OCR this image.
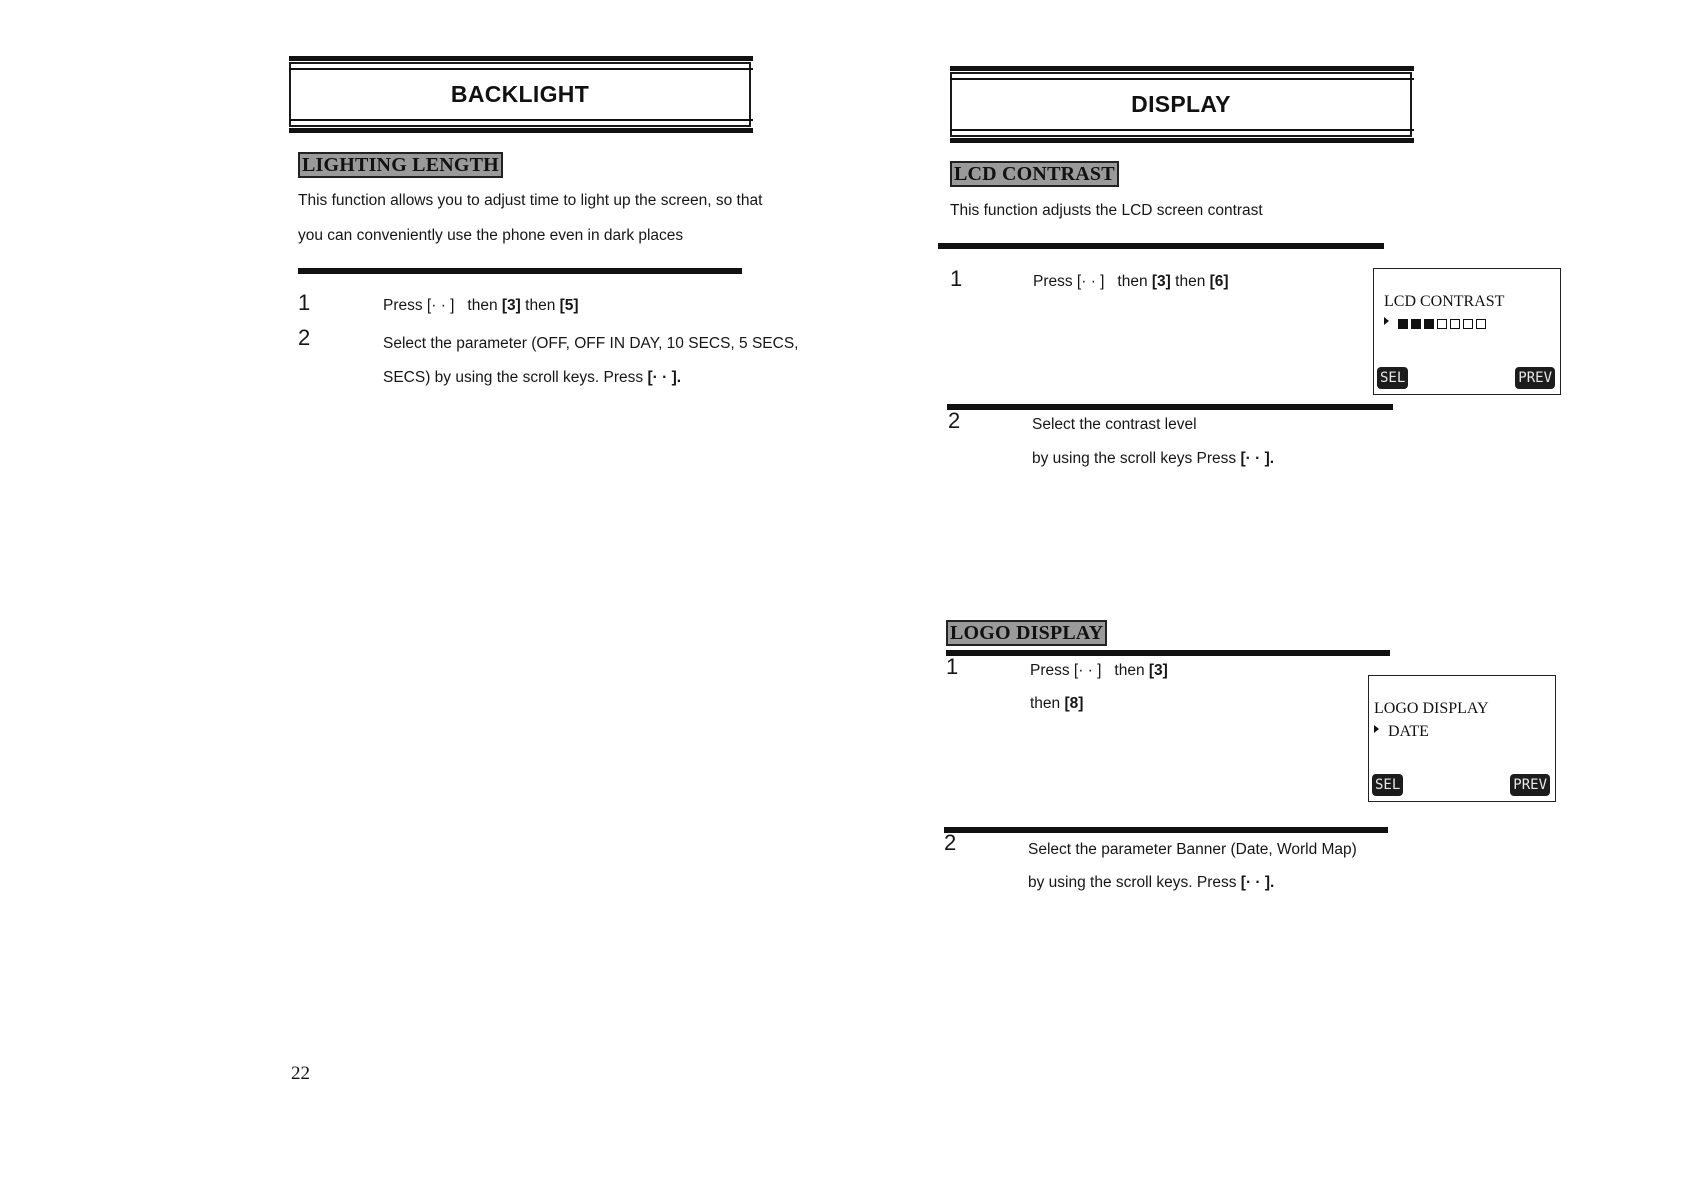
BACKLIGHT
LIGHTING LENGTH
This function allows you to adjust time to light up the screen, so that
you can conveniently use the phone even in dark places
1	Press [· · ] then [3] then [5]
2	Select the parameter (OFF, OFF IN DAY, 10 SECS, 5 SECS,
SECS) by using the scroll keys. Press [· · ].
22
DISPLAY
LCD CONTRAST
This function adjusts the LCD screen contrast
1	Press [· · ] then [3] then [6]
LCD CONTRAST

SEL	PREV
2	Select the contrast level
by using the scroll keys Press [· · ].
LOGO DISPLAY
1	Press [· · ] then [3]
then [8]	LOGO DISPLAY
DATE
SEL	PREV
2	Select the parameter Banner (Date, World Map)
by using the scroll keys. Press [· · ].
